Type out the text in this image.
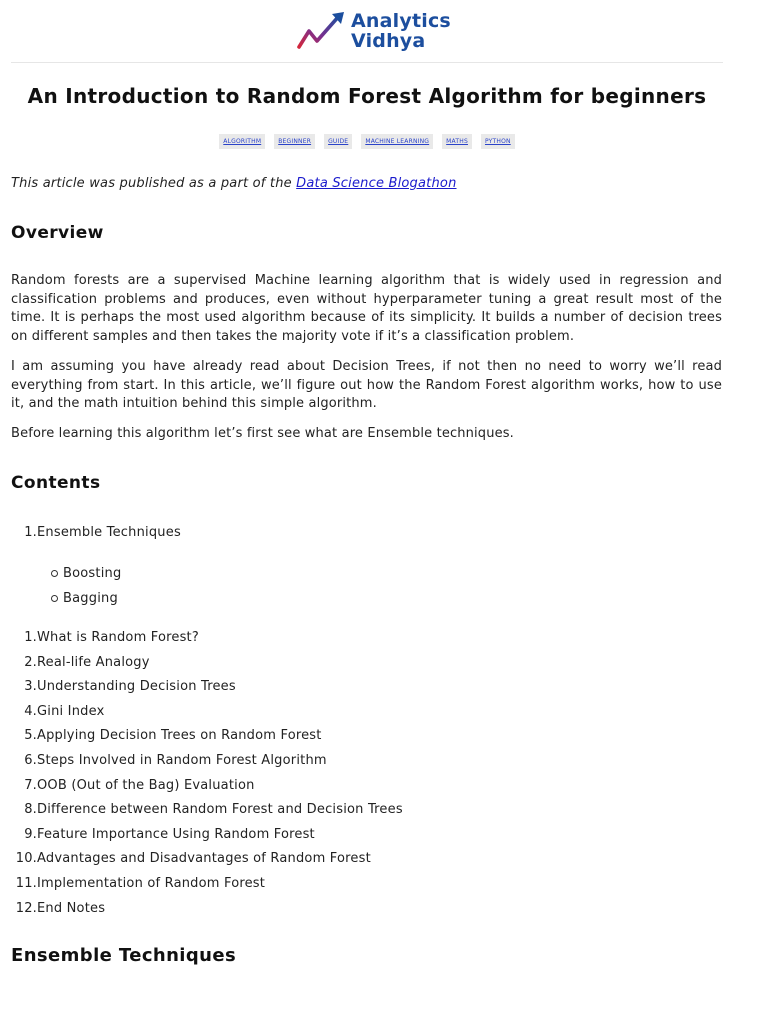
Analytics
Vidhya
An Introduction to Random Forest Algorithm for beginners
ALGORITHM	BEGINNER	GUIDE	MACHINE LEARNING	MATHS	PYTHON
This article was published as a part of the Data Science Blogathon
Overview

Random forests are a supervised Machine learning algorithm that is widely used in regression and classification problems and produces, even without hyperparameter tuning a great result most of the time. It is perhaps the most used algorithm because of its simplicity. It builds a number of decision trees on different samples and then takes the majority vote if it’s a classification problem.

I am assuming you have already read about Decision Trees, if not then no need to worry we’ll read everything from start. In this article, we’ll figure out how the Random Forest algorithm works, how to use it, and the math intuition behind this simple algorithm.

Before learning this algorithm let’s first see what are Ensemble techniques.

Contents
1. Ensemble Techniques
Boosting
Bagging
1. What is Random Forest?
2. Real-life Analogy
3. Understanding Decision Trees
4. Gini Index
5. Applying Decision Trees on Random Forest
6. Steps Involved in Random Forest Algorithm
7. OOB (Out of the Bag) Evaluation
8. Difference between Random Forest and Decision Trees
9. Feature Importance Using Random Forest
10. Advantages and Disadvantages of Random Forest
11. Implementation of Random Forest
12. End Notes
Ensemble Techniques
